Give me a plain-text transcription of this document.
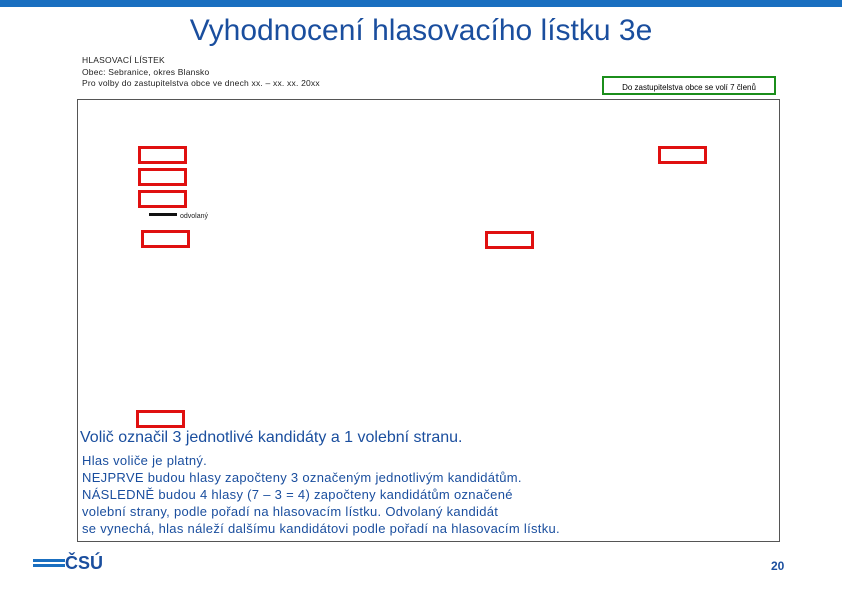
Vyhodnocení hlasovacího lístku 3e
HLASOVACÍ LÍSTEK
Obec: Sebranice, okres Blansko
Pro volby do zastupitelstva obce ve dnech xx. – xx. xx. 20xx	Do zastupitelstva obce se volí 7 členů
odvolaný
Volič označil 3 jednotlivé kandidáty a 1 volební stranu.
Hlas voliče je platný.
NEJPRVE budou hlasy započteny 3 označeným jednotlivým kandidátům.
NÁSLEDNĚ budou 4 hlasy (7 – 3 = 4) započteny kandidátům označené
volební strany, podle pořadí na hlasovacím lístku. Odvolaný kandidát
se vynechá, hlas náleží dalšímu kandidátovi podle pořadí na hlasovacím lístku.
ČSÚ	20
